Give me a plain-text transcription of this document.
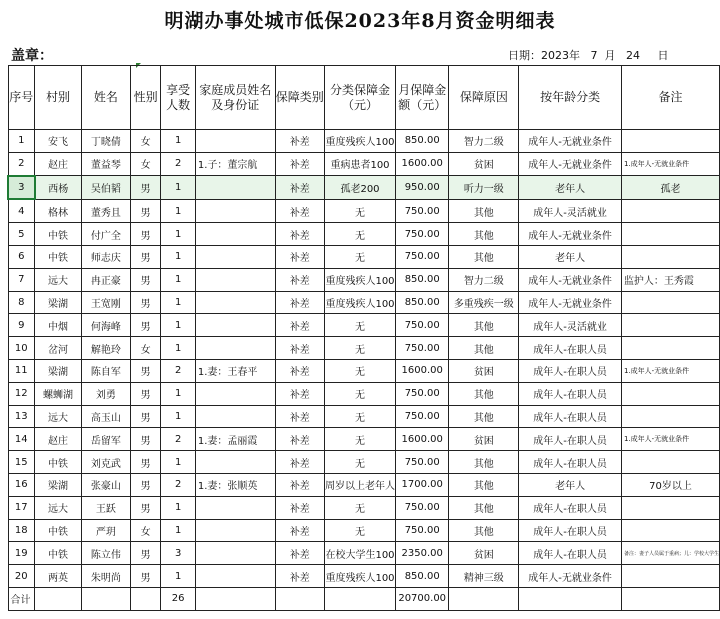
明湖办事处城市低保2023年8月资金明细表
盖章：	日期：2023年 7 月 24 日
序号	村别	姓名	性别	享受人数	家庭成员姓名及身份证	保障类别	分类保障金（元）	月保障金额（元）	保障原因	按年龄分类	备注
1	安飞	丁晓倩	女	1		补差	重度残疾人100	850.00	智力二级	成年人-无就业条件	
2	赵庄	董益琴	女	2	1.子：董宗航	补差	重病患者100	1600.00	贫困	成年人-无就业条件	1.成年人-无就业条件
3	西杨	吴伯韬	男	1		补差	孤老200	950.00	听力一级	老年人	孤老
4	格林	董秀且	男	1		补差	无	750.00	其他	成年人-灵活就业	
5	中铁	付广全	男	1		补差	无	750.00	其他	成年人-无就业条件	
6	中铁	师志庆	男	1		补差	无	750.00	其他	老年人	
7	远大	冉正豪	男	1		补差	重度残疾人100	850.00	智力二级	成年人-无就业条件	监护人：王秀霞
8	梁湖	王宽刚	男	1		补差	重度残疾人100	850.00	多重残疾一级	成年人-无就业条件	
9	中烟	何海峰	男	1		补差	无	750.00	其他	成年人-灵活就业	
10	岔河	解艳玲	女	1		补差	无	750.00	其他	成年人-在职人员	
11	梁湖	陈自军	男	2	1.妻：王春平	补差	无	1600.00	贫困	成年人-在职人员	1.成年人-无就业条件
12	螺蛳湖	刘勇	男	1		补差	无	750.00	其他	成年人-在职人员	
13	远大	高玉山	男	1		补差	无	750.00	其他	成年人-在职人员	
14	赵庄	岳留军	男	2	1.妻：孟丽霞	补差	无	1600.00	贫困	成年人-在职人员	1.成年人-无就业条件
15	中铁	刘克武	男	1		补差	无	750.00	其他	成年人-在职人员	
16	梁湖	张豪山	男	2	1.妻：张顺英	补差	周岁以上老年人	1700.00	其他	老年人	70岁以上
17	远大	王跃	男	1		补差	无	750.00	其他	成年人-在职人员	
18	中铁	严玥	女	1		补差	无	750.00	其他	成年人-在职人员	
19	中铁	陈立伟	男	3		补差	在校大学生100	2350.00	贫困	成年人-在职人员	备注：妻子人员属于重病；儿：学校大学生
20	两英	朱明尚	男	1		补差	重度残疾人100	850.00	精神三级	成年人-无就业条件	
合计				26				20700.00			
